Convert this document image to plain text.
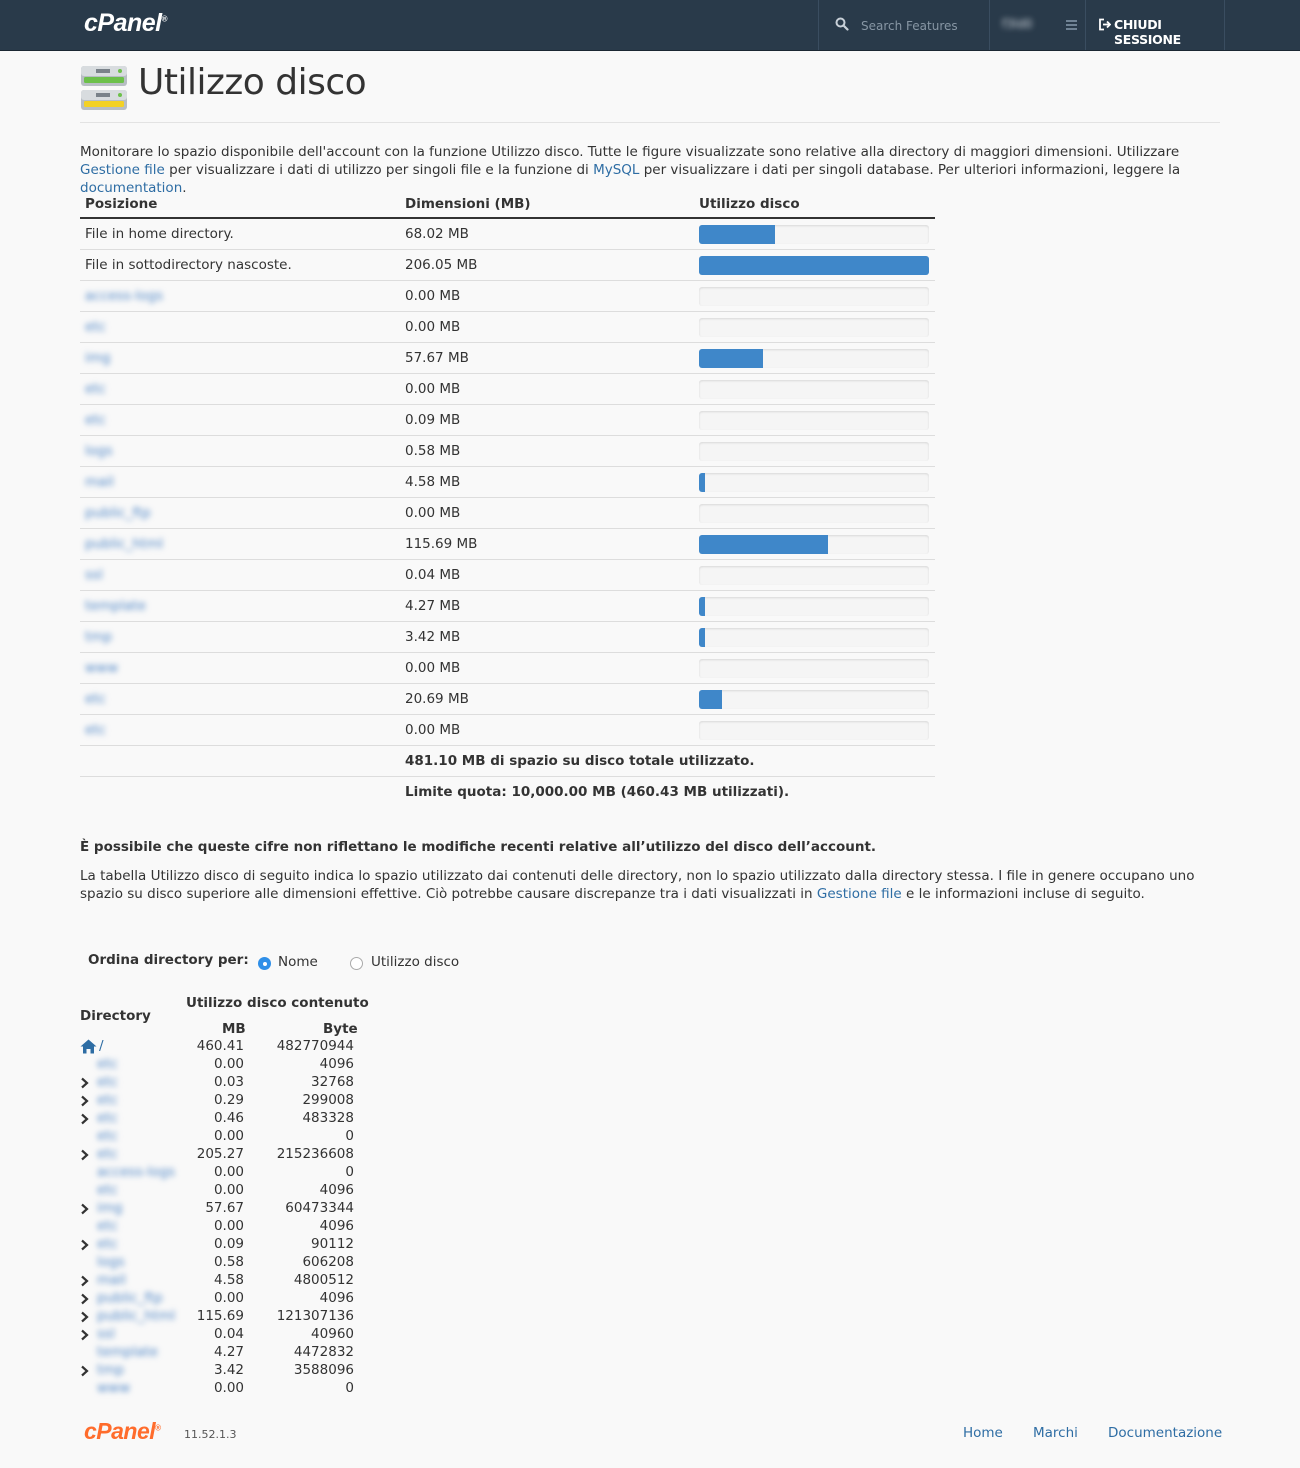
cPanel®
Search Features	f3ld0	CHIUDI SESSIONE
Utilizzo disco

Monitorare lo spazio disponibile dell'account con la funzione Utilizzo disco. Tutte le figure visualizzate sono relative alla directory di maggiori dimensioni. Utilizzare Gestione file per visualizzare i dati di utilizzo per singoli file e la funzione di MySQL per visualizzare i dati per singoli database. Per ulteriori informazioni, leggere la documentation.

Posizione	Dimensioni (MB)	Utilizzo disco
File in home directory.	68.02 MB	

File in sottodirectory nascoste.	206.05 MB	

access-logs	0.00 MB	

etc	0.00 MB	

img	57.67 MB	

etc	0.00 MB	

etc	0.09 MB	

logs	0.58 MB	

mail	4.58 MB	

public_ftp	0.00 MB	

public_html	115.69 MB	

ssl	0.04 MB	

template	4.27 MB	

tmp	3.42 MB	

www	0.00 MB	

etc	20.69 MB	

etc	0.00 MB	

	481.10 MB di spazio su disco totale utilizzato.	
	Limite quota: 10,000.00 MB (460.43 MB utilizzati).	

È possibile che queste cifre non riflettano le modifiche recenti relative all’utilizzo del disco dell’account.

La tabella Utilizzo disco di seguito indica lo spazio utilizzato dai contenuti delle directory, non lo spazio utilizzato dalla directory stessa. I file in genere occupano uno spazio su disco superiore alle dimensioni effettive. Ciò potrebbe causare discrepanze tra i dati visualizzati in Gestione file e le informazioni incluse di seguito.

Ordina directory per: Nome	Utilizzo disco
Utilizzo disco contenuto
Directory
MB	Byte
/	460.41 482770944
etc	0.00	4096
etc	0.03	32768
etc	0.29	299008
etc	0.46	483328
etc	0.00	0
etc	205.27 215236608
access-logs	0.00	0
etc	0.00	4096
img	57.67	60473344
etc	0.00	4096
etc	0.09	90112
logs	0.58	606208
mail	4.58	4800512
public_ftp	0.00	4096
public_html	115.69 121307136
ssl	0.04	40960
template	4.27	4472832
tmp	3.42	3588096
www	0.00	0
cPanel®
11.52.1.3	Home Marchi Documentazione
